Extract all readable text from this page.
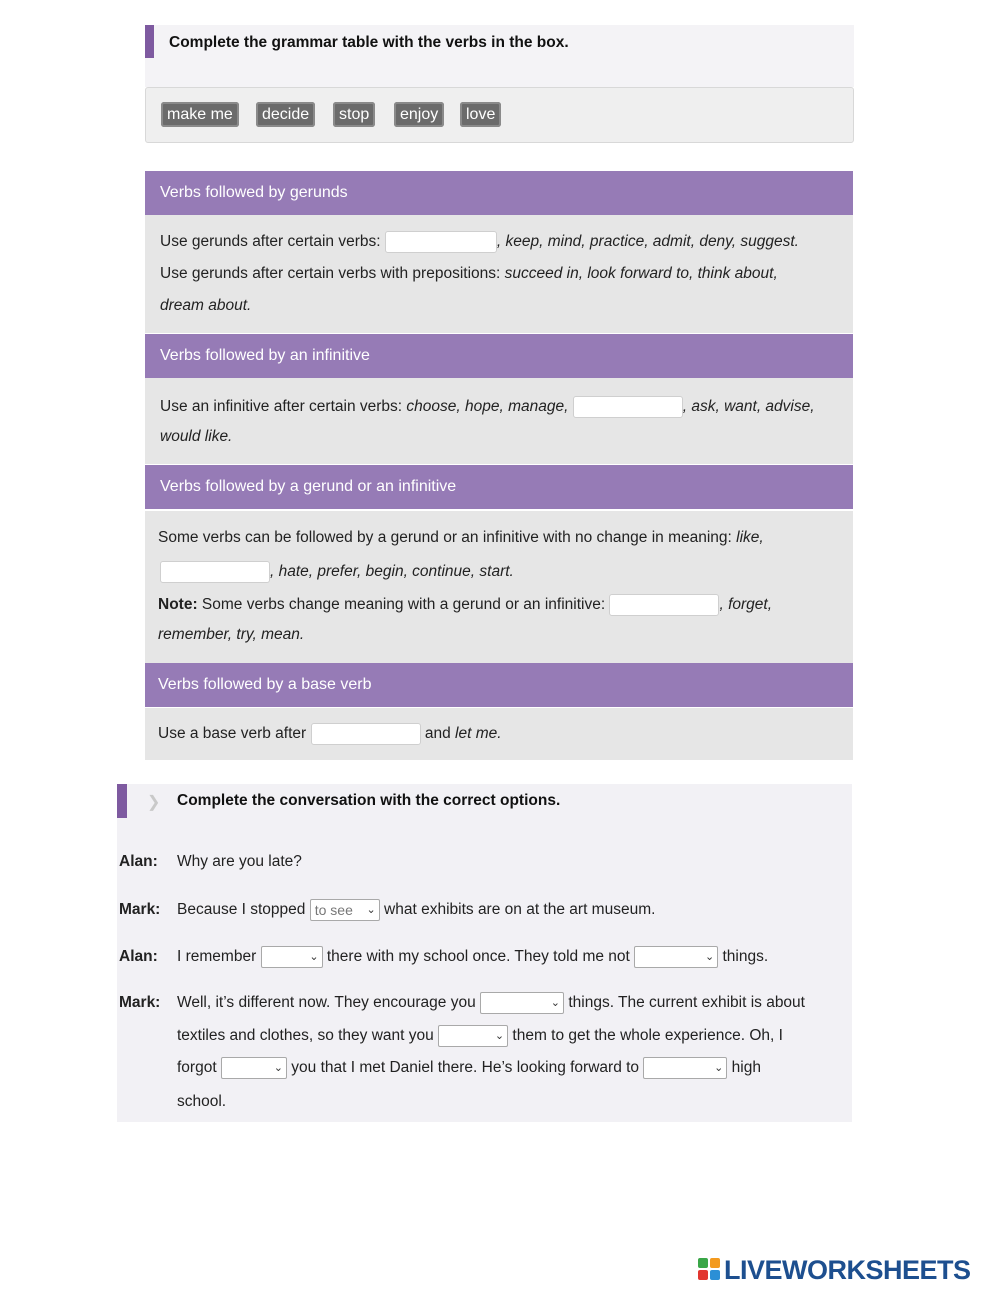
Complete the grammar table with the verbs in the box.
make me	decide	stop	enjoy	love
Verbs followed by gerunds
Use gerunds after certain verbs:	, keep, mind, practice, admit, deny, suggest.
Use gerunds after certain verbs with prepositions: succeed in, look forward to, think about,
dream about.
Verbs followed by an infinitive
Use an infinitive after certain verbs: choose, hope, manage,	, ask, want, advise,
would like.
Verbs followed by a gerund or an infinitive
Some verbs can be followed by a gerund or an infinitive with no change in meaning: like,
, hate, prefer, begin, continue, start.
Note: Some verbs change meaning with a gerund or an infinitive:	, forget,
remember, try, mean.
Verbs followed by a base verb
Use a base verb after	and let me.
❯ Complete the conversation with the correct options.
Alan: Why are you late?
Mark: Because I stopped to see ⌄ what exhibits are on at the art museum.
Alan: I remember	⌄ there with my school once. They told me not	⌄ things.
Mark: Well, it’s different now. They encourage you	⌄ things. The current exhibit is about
textiles and clothes, so they want you	⌄ them to get the whole experience. Oh, I
forgot	⌄ you that I met Daniel there. He’s looking forward to	⌄ high
school.
LIVEWORKSHEETS
